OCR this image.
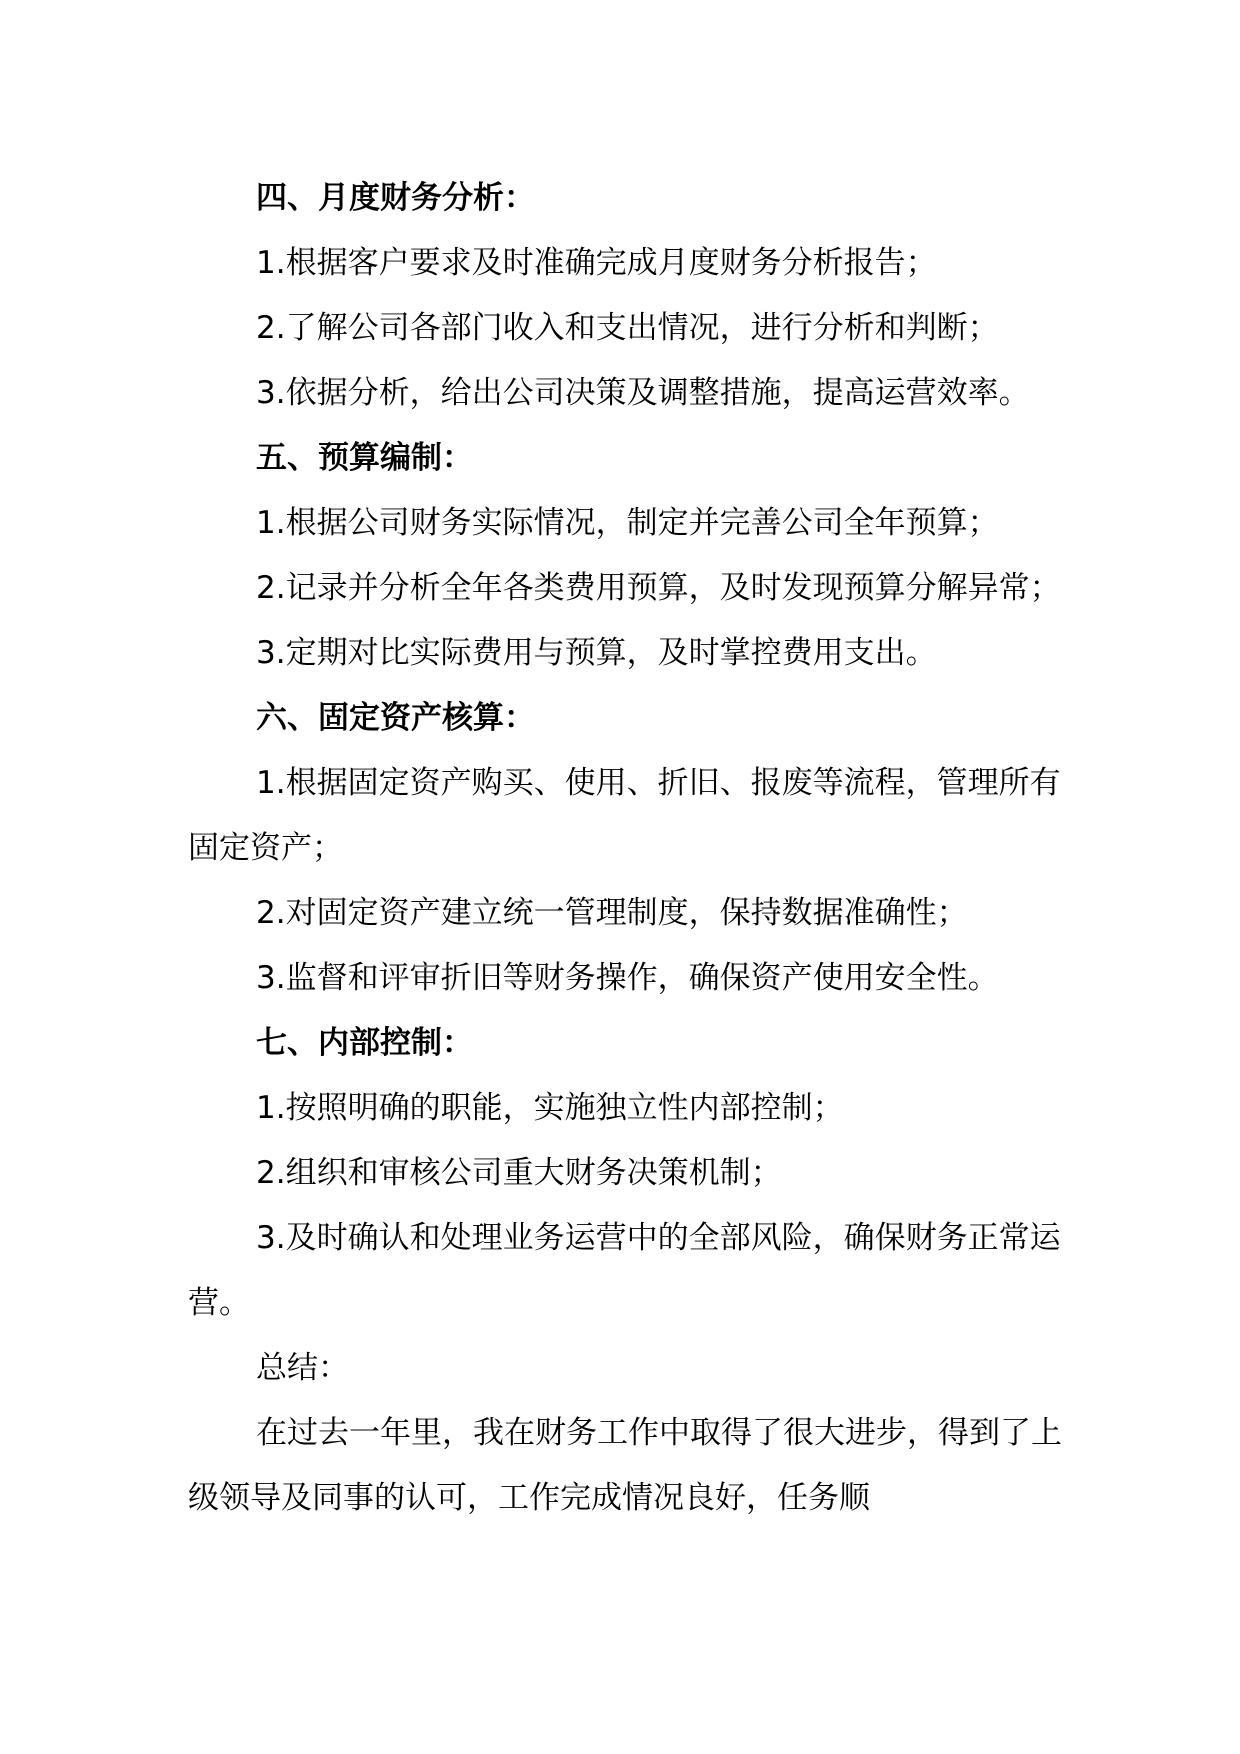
四、月度财务分析：

1.根据客户要求及时准确完成月度财务分析报告；

2.了解公司各部门收入和支出情况，进行分析和判断；

3.依据分析，给出公司决策及调整措施，提高运营效率。

五、预算编制：

1.根据公司财务实际情况，制定并完善公司全年预算；

2.记录并分析全年各类费用预算，及时发现预算分解异常；

3.定期对比实际费用与预算，及时掌控费用支出。

六、固定资产核算：

1.根据固定资产购买、使用、折旧、报废等流程，管理所有固定资产；

2.对固定资产建立统一管理制度，保持数据准确性；

3.监督和评审折旧等财务操作，确保资产使用安全性。

七、内部控制：

1.按照明确的职能，实施独立性内部控制；

2.组织和审核公司重大财务决策机制；

3.及时确认和处理业务运营中的全部风险，确保财务正常运营。

总结：

在过去一年里，我在财务工作中取得了很大进步，得到了上级领导及同事的认可，工作完成情况良好，任务顺
